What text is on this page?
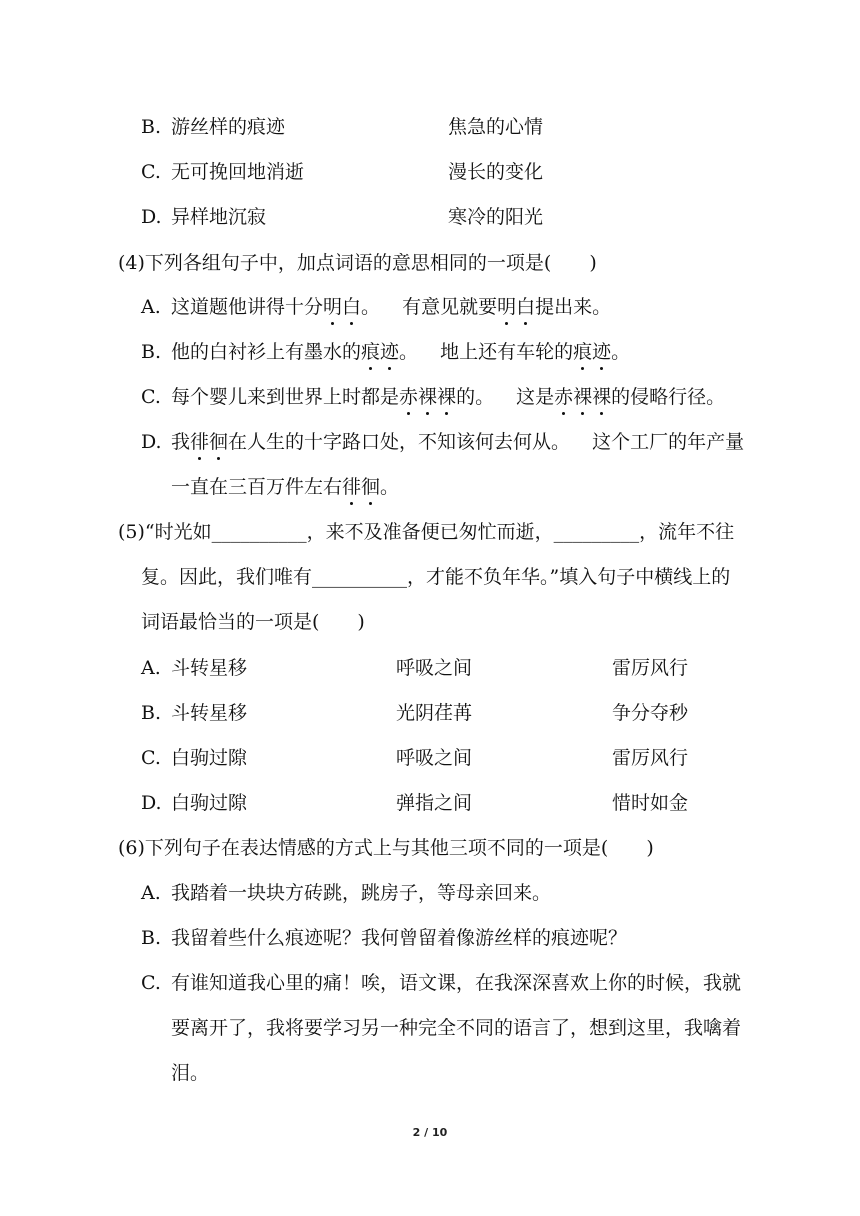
B. 游丝样的痕迹	焦急的心情
C. 无可挽回地消逝	漫长的变化
D. 异样地沉寂	寒冷的阳光
(4)下列各组句子中，加点词语的意思相同的一项是(　　)
A. 这道题他讲得十分明白。 有意见就要明白提出来。
B. 他的白衬衫上有墨水的痕迹。 地上还有车轮的痕迹。
C. 每个婴儿来到世界上时都是赤裸裸的。 这是赤裸裸的侵略行径。
D. 我徘徊在人生的十字路口处，不知该何去何从。 这个工厂的年产量
一直在三百万件左右徘徊。
(5)“时光如__________，来不及准备便已匆忙而逝，_________，流年不往
复。因此，我们唯有__________，才能不负年华。”填入句子中横线上的
词语最恰当的一项是(　　)
A. 斗转星移	呼吸之间	雷厉风行
B. 斗转星移	光阴荏苒	争分夺秒
C. 白驹过隙	呼吸之间	雷厉风行
D. 白驹过隙	弹指之间	惜时如金
(6)下列句子在表达情感的方式上与其他三项不同的一项是(　　)
A. 我踏着一块块方砖跳，跳房子，等母亲回来。
B. 我留着些什么痕迹呢？我何曾留着像游丝样的痕迹呢？
C. 有谁知道我心里的痛！唉，语文课，在我深深喜欢上你的时候，我就
要离开了，我将要学习另一种完全不同的语言了，想到这里，我噙着
泪。
2 / 10
